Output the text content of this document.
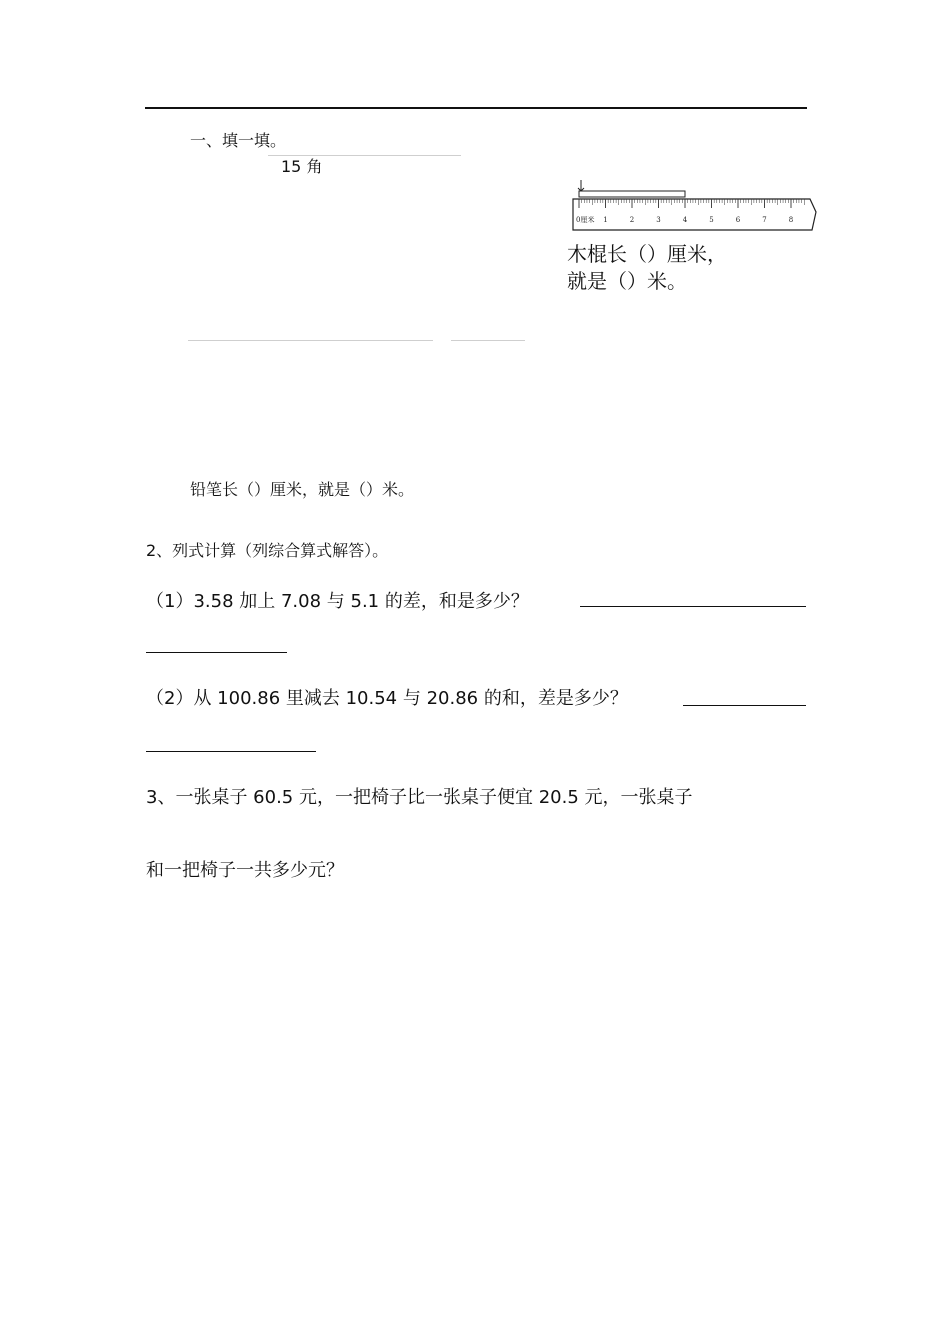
一、填一填。
15 角
0厘米 1	2	3	4	5	6	7	8
木棍长（）厘米，
就是（）米。
铅笔长（）厘米，就是（）米。
2、列式计算（列综合算式解答）。
（1）3.58 加上 7.08 与 5.1 的差，和是多少？
（2）从 100.86 里减去 10.54 与 20.86 的和，差是多少？
3、一张桌子 60.5 元，一把椅子比一张桌子便宜 20.5 元，一张桌子
和一把椅子一共多少元？
